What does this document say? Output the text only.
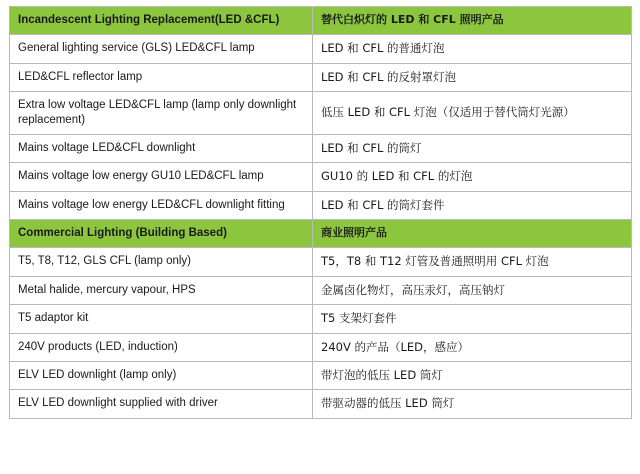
Incandescent Lighting Replacement(LED &CFL)	替代白炽灯的 LED 和 CFL 照明产品
General lighting service (GLS) LED&CFL lamp	LED 和 CFL 的普通灯泡
LED&CFL reflector lamp	LED 和 CFL 的反射罩灯泡
Extra low voltage LED&CFL lamp (lamp only downlight replacement)	低压 LED 和 CFL 灯泡（仅适用于替代筒灯光源）
Mains voltage LED&CFL downlight	LED 和 CFL 的筒灯
Mains voltage low energy GU10 LED&CFL lamp	GU10 的 LED 和 CFL 的灯泡
Mains voltage low energy LED&CFL downlight fitting	LED 和 CFL 的筒灯套件
Commercial Lighting (Building Based)	商业照明产品
T5, T8, T12, GLS CFL (lamp only)	T5，T8 和 T12 灯管及普通照明用 CFL 灯泡
Metal halide, mercury vapour, HPS	金属卤化物灯，高压汞灯，高压钠灯
T5 adaptor kit	T5 支架灯套件
240V products (LED, induction)	240V 的产品（LED，感应）
ELV LED downlight (lamp only)	带灯泡的低压 LED 筒灯
ELV LED downlight supplied with driver	带驱动器的低压 LED 筒灯
